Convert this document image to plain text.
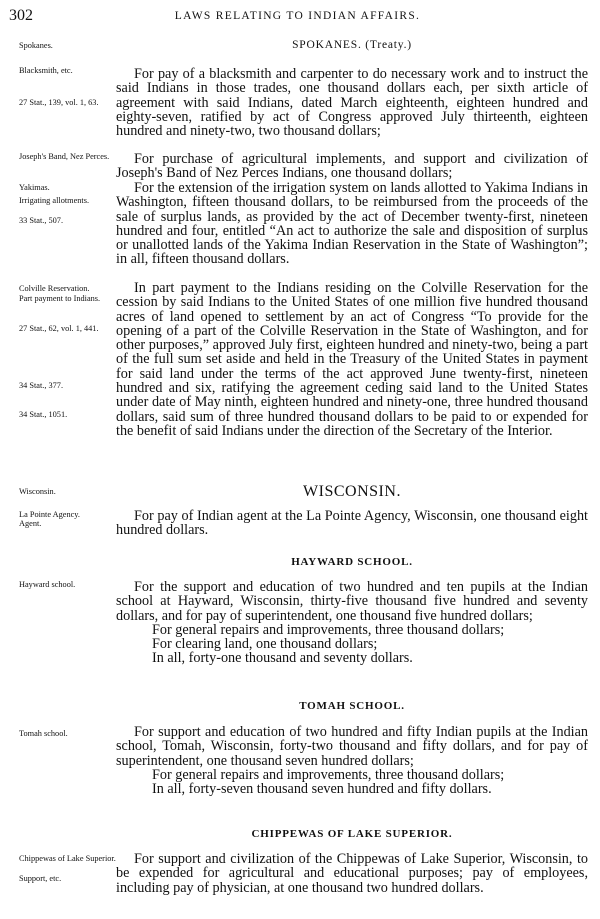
302	LAWS RELATING TO INDIAN AFFAIRS.
Spokanes.	SPOKANES. (Treaty.)
Blacksmith, etc.
27 Stat., 139, vol. 1, 63.
For pay of a blacksmith and carpenter to do necessary work and to instruct the said Indians in those trades, one thousand dollars each, per sixth article of agreement with said Indians, dated March eighteenth, eighteen hundred and eighty-seven, ratified by act of Congress approved July thirteenth, eighteen hundred and ninety-two, two thousand dollars;
Joseph's Band, Nez Perces.	For purchase of agricultural implements, and support and civilization of Joseph's Band of Nez Perces Indians, one thousand dollars;
Yakimas.
Irrigating allotments.
33 Stat., 507.
For the extension of the irrigation system on lands allotted to Yakima Indians in Washington, fifteen thousand dollars, to be reimbursed from the proceeds of the sale of surplus lands, as provided by the act of December twenty-first, nineteen hundred and four, entitled “An act to authorize the sale and disposition of surplus or unallotted lands of the Yakima Indian Reservation in the State of Washington”; in all, fifteen thousand dollars.
Colville Reservation.
Part payment to Indians.
27 Stat., 62, vol. 1, 441.
34 Stat., 377.
34 Stat., 1051.
In part payment to the Indians residing on the Colville Reservation for the cession by said Indians to the United States of one million five hundred thousand acres of land opened to settlement by an act of Congress “To provide for the opening of a part of the Colville Reservation in the State of Washington, and for other purposes,” approved July first, eighteen hundred and ninety-two, being a part of the full sum set aside and held in the Treasury of the United States in payment for said land under the terms of the act approved June twenty-first, nineteen hundred and six, ratifying the agreement ceding said land to the United States under date of May ninth, eighteen hundred and ninety-one, three hundred thousand dollars, said sum of three hundred thousand dollars to be paid to or expended for the benefit of said Indians under the direction of the Secretary of the Interior.
Wisconsin.	WISCONSIN.
La Pointe Agency.
Agent.	For pay of Indian agent at the La Pointe Agency, Wisconsin, one thousand eight hundred dollars.
HAYWARD SCHOOL.
Hayward school.	For the support and education of two hundred and ten pupils at the Indian school at Hayward, Wisconsin, thirty-five thousand five hundred and seventy dollars, and for pay of superintendent, one thousand five hundred dollars;
For general repairs and improvements, three thousand dollars;
For clearing land, one thousand dollars;
In all, forty-one thousand and seventy dollars.
TOMAH SCHOOL.
Tomah school.	For support and education of two hundred and fifty Indian pupils at the Indian school, Tomah, Wisconsin, forty-two thousand and fifty dollars, and for pay of superintendent, one thousand seven hundred dollars;
For general repairs and improvements, three thousand dollars;
In all, forty-seven thousand seven hundred and fifty dollars.
CHIPPEWAS OF LAKE SUPERIOR.
Chippewas of Lake Superior.
Support, etc.
For support and civilization of the Chippewas of Lake Superior, Wisconsin, to be expended for agricultural and educational purposes; pay of employees, including pay of physician, at one thousand two hundred dollars.
